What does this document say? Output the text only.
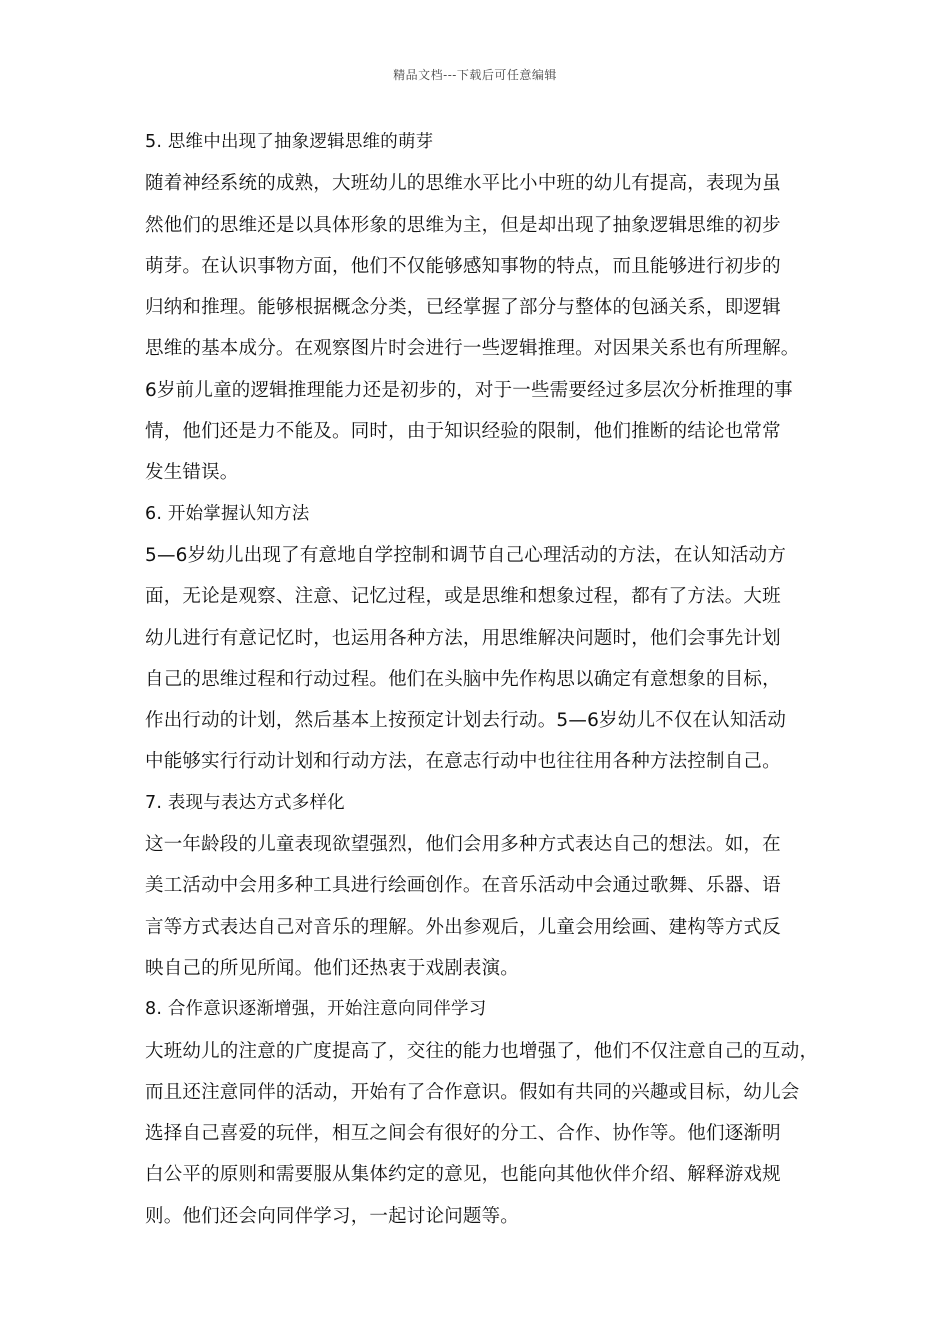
精品文档---下载后可任意编辑
5. 思维中出现了抽象逻辑思维的萌芽
随着神经系统的成熟，大班幼儿的思维水平比小中班的幼儿有提高，表现为虽
然他们的思维还是以具体形象的思维为主，但是却出现了抽象逻辑思维的初步
萌芽。在认识事物方面，他们不仅能够感知事物的特点，而且能够进行初步的
归纳和推理。能够根据概念分类，已经掌握了部分与整体的包涵关系，即逻辑
思维的基本成分。在观察图片时会进行一些逻辑推理。对因果关系也有所理解。
6岁前儿童的逻辑推理能力还是初步的，对于一些需要经过多层次分析推理的事
情，他们还是力不能及。同时，由于知识经验的限制，他们推断的结论也常常
发生错误。
6. 开始掌握认知方法
5—6岁幼儿出现了有意地自学控制和调节自己心理活动的方法，在认知活动方
面，无论是观察、注意、记忆过程，或是思维和想象过程，都有了方法。大班
幼儿进行有意记忆时，也运用各种方法，用思维解决问题时，他们会事先计划
自己的思维过程和行动过程。他们在头脑中先作构思以确定有意想象的目标，
作出行动的计划，然后基本上按预定计划去行动。5—6岁幼儿不仅在认知活动
中能够实行行动计划和行动方法，在意志行动中也往往用各种方法控制自己。
7. 表现与表达方式多样化
这一年龄段的儿童表现欲望强烈，他们会用多种方式表达自己的想法。如，在
美工活动中会用多种工具进行绘画创作。在音乐活动中会通过歌舞、乐器、语
言等方式表达自己对音乐的理解。外出参观后，儿童会用绘画、建构等方式反
映自己的所见所闻。他们还热衷于戏剧表演。
8. 合作意识逐渐增强，开始注意向同伴学习
大班幼儿的注意的广度提高了，交往的能力也增强了，他们不仅注意自己的互动，
而且还注意同伴的活动，开始有了合作意识。假如有共同的兴趣或目标，幼儿会
选择自己喜爱的玩伴，相互之间会有很好的分工、合作、协作等。他们逐渐明
白公平的原则和需要服从集体约定的意见，也能向其他伙伴介绍、解释游戏规
则。他们还会向同伴学习，一起讨论问题等。
